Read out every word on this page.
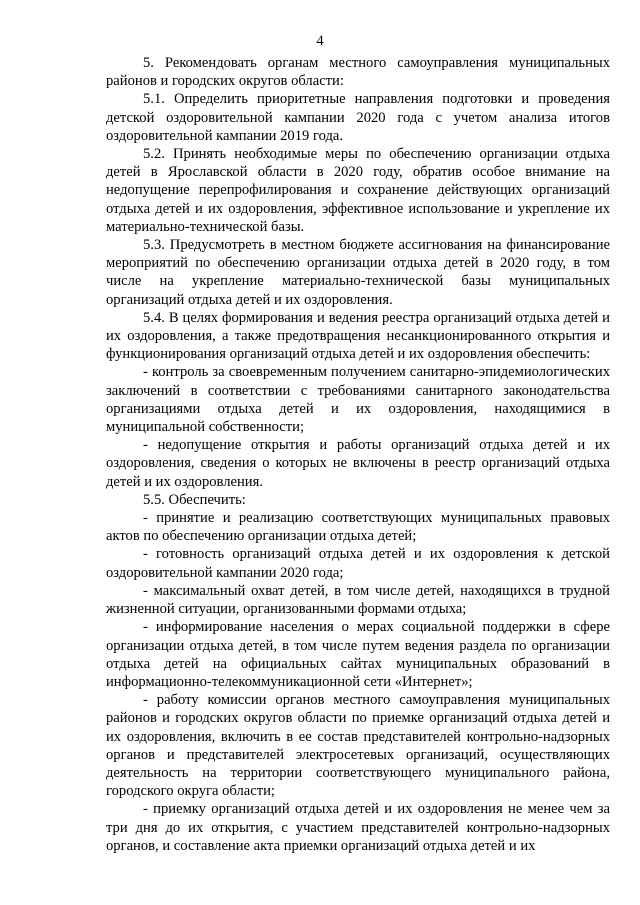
4

5. Рекомендовать органам местного самоуправления муниципальных районов и городских округов области:

5.1. Определить приоритетные направления подготовки и проведения детской оздоровительной кампании 2020 года с учетом анализа итогов оздоровительной кампании 2019 года.

5.2. Принять необходимые меры по обеспечению организации отдыха детей в Ярославской области в 2020 году, обратив особое внимание на недопущение перепрофилирования и сохранение действующих организаций отдыха детей и их оздоровления, эффективное использование и укрепление их материально-технической базы.

5.3. Предусмотреть в местном бюджете ассигнования на финансирование мероприятий по обеспечению организации отдыха детей в 2020 году, в том числе на укрепление материально-технической базы муниципальных организаций отдыха детей и их оздоровления.

5.4. В целях формирования и ведения реестра организаций отдыха детей и их оздоровления, а также предотвращения несанкционированного открытия и функционирования организаций отдыха детей и их оздоровления обеспечить:

- контроль за своевременным получением санитарно-эпидемиологических заключений в соответствии с требованиями санитарного законодательства организациями отдыха детей и их оздоровления, находящимися в муниципальной собственности;

- недопущение открытия и работы организаций отдыха детей и их оздоровления, сведения о которых не включены в реестр организаций отдыха детей и их оздоровления.

5.5. Обеспечить:

- принятие и реализацию соответствующих муниципальных правовых актов по обеспечению организации отдыха детей;

- готовность организаций отдыха детей и их оздоровления к детской оздоровительной кампании 2020 года;

- максимальный охват детей, в том числе детей, находящихся в трудной жизненной ситуации, организованными формами отдыха;

- информирование населения о мерах социальной поддержки в сфере организации отдыха детей, в том числе путем ведения раздела по организации отдыха детей на официальных сайтах муниципальных образований в информационно-телекоммуникационной сети «Интернет»;

- работу комиссии органов местного самоуправления муниципальных районов и городских округов области по приемке организаций отдыха детей и их оздоровления, включить в ее состав представителей контрольно-надзорных органов и представителей электросетевых организаций, осуществляющих деятельность на территории соответствующего муниципального района, городского округа области;

- приемку организаций отдыха детей и их оздоровления не менее чем за три дня до их открытия, с участием представителей контрольно-надзорных органов, и составление акта приемки организаций отдыха детей и их
